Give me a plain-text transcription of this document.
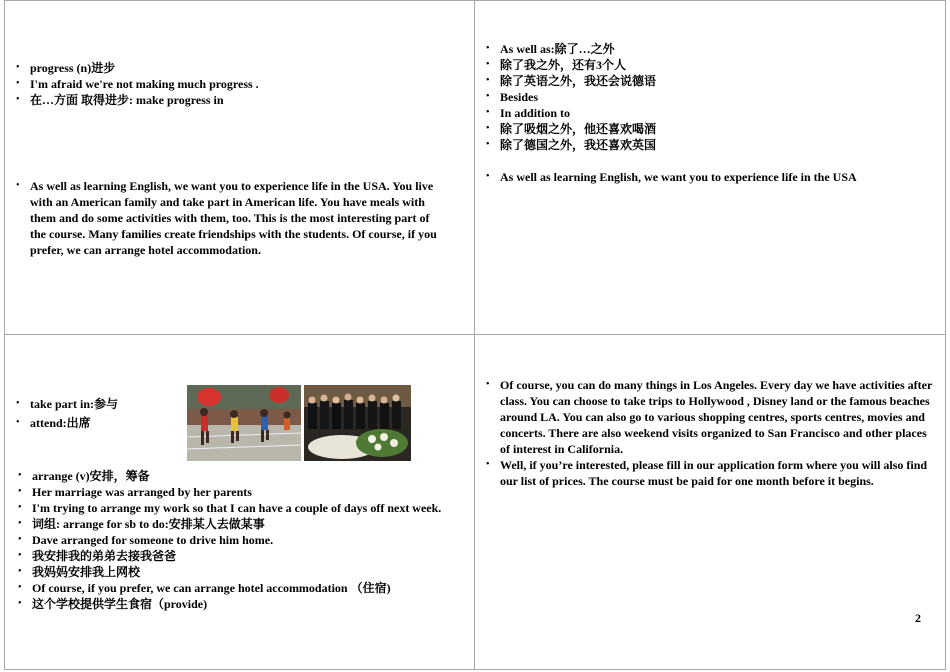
• progress (n)进步
• I'm afraid we're not making much progress .
• 在…方面 取得进步: make progress in
• As well as learning English, we want you to experience life in the USA. You live with an American family and take part in American life. You have meals with them and do some activities with them, too. This is the most interesting part of the course. Many families create friendships with the students. Of course, if you prefer, we can arrange hotel accommodation.
• As well as:除了…之外
• 除了我之外，还有3个人
• 除了英语之外，我还会说德语
• Besides
• In addition to
• 除了吸烟之外，他还喜欢喝酒
• 除了德国之外，我还喜欢英国
• As well as learning English, we want you to experience life in the USA
• take part in:参与
• attend:出席
• arrange (v)安排，筹备
• Her marriage was arranged by her parents
• I'm trying to arrange my work so that I can have a couple of days off next week.
• 词组: arrange for sb to do:安排某人去做某事
• Dave arranged for someone to drive him home.
• 我安排我的弟弟去接我爸爸
• 我妈妈安排我上网校
• Of course, if you prefer, we can arrange hotel accommodation （住宿)
• 这个学校提供学生食宿（provide)
• Of course, you can do many things in Los Angeles. Every day we have activities after class. You can choose to take trips to Hollywood , Disney land or the famous beaches around LA. You can also go to various shopping centres, sports centres, movies and concerts. There are also weekend visits organized to San Francisco and other places of interest in California.
• Well, if you’re interested, please fill in our application form where you will also find our list of prices. The course must be paid for one month before it begins.
2
